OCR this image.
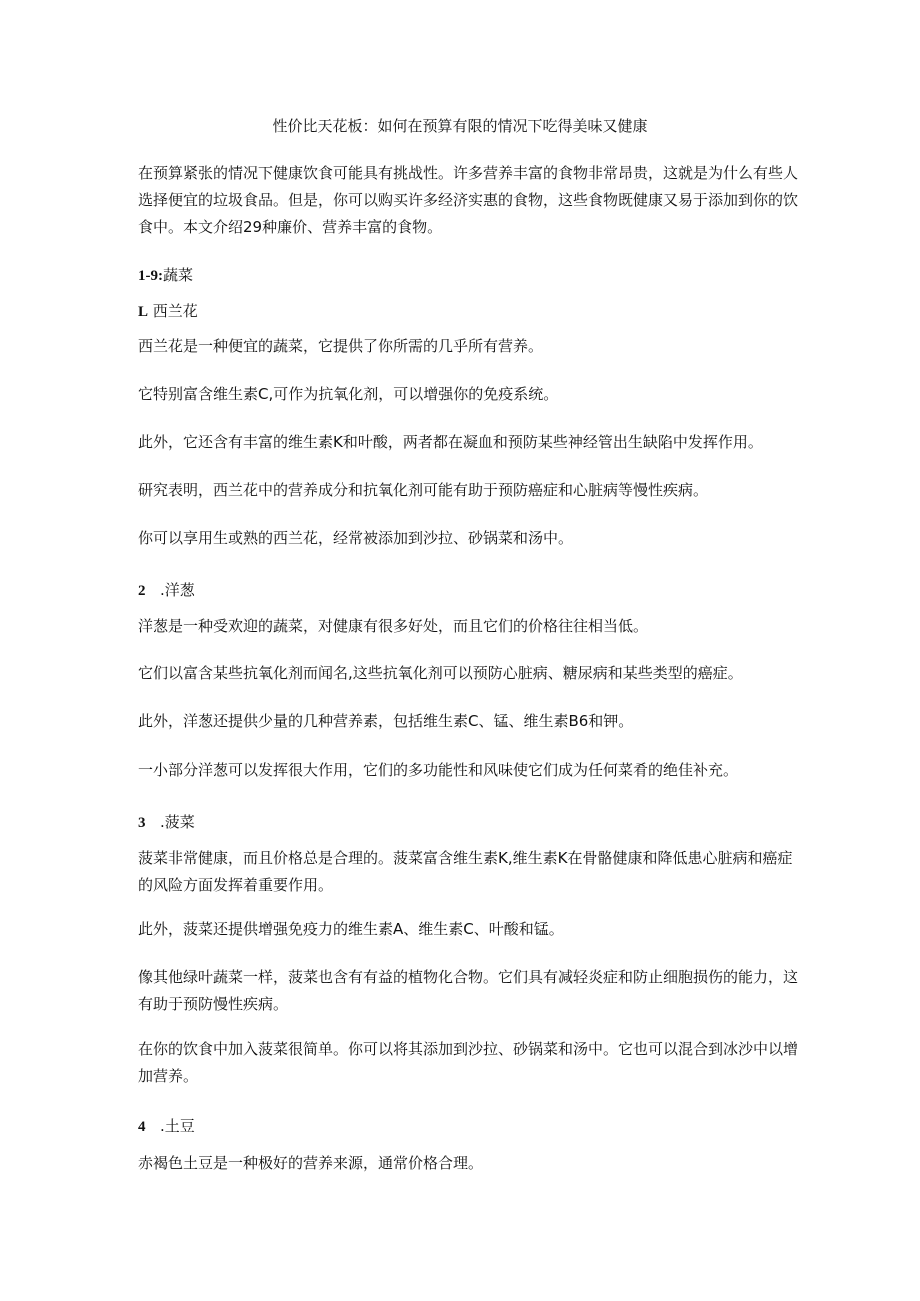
性价比天花板：如何在预算有限的情况下吃得美味又健康
在预算紧张的情况下健康饮食可能具有挑战性。许多营养丰富的食物非常昂贵，这就是为什么有些人选择便宜的垃圾食品。但是，你可以购买许多经济实惠的食物，这些食物既健康又易于添加到你的饮食中。本文介绍29种廉价、营养丰富的食物。
1-9:蔬菜
L 西兰花
西兰花是一种便宜的蔬菜，它提供了你所需的几乎所有营养。
它特别富含维生素C,可作为抗氧化剂，可以增强你的免疫系统。
此外，它还含有丰富的维生素K和叶酸，两者都在凝血和预防某些神经管出生缺陷中发挥作用。
研究表明，西兰花中的营养成分和抗氧化剂可能有助于预防癌症和心脏病等慢性疾病。
你可以享用生或熟的西兰花，经常被添加到沙拉、砂锅菜和汤中。
2 .洋葱
洋葱是一种受欢迎的蔬菜，对健康有很多好处，而且它们的价格往往相当低。
它们以富含某些抗氧化剂而闻名,这些抗氧化剂可以预防心脏病、糖尿病和某些类型的癌症。
此外，洋葱还提供少量的几种营养素，包括维生素C、锰、维生素B6和钾。
一小部分洋葱可以发挥很大作用，它们的多功能性和风味使它们成为任何菜肴的绝佳补充。
3 .菠菜
菠菜非常健康，而且价格总是合理的。菠菜富含维生素K,维生素K在骨骼健康和降低患心脏病和癌症的风险方面发挥着重要作用。
此外，菠菜还提供增强免疫力的维生素A、维生素C、叶酸和锰。
像其他绿叶蔬菜一样，菠菜也含有有益的植物化合物。它们具有减轻炎症和防止细胞损伤的能力，这有助于预防慢性疾病。
在你的饮食中加入菠菜很简单。你可以将其添加到沙拉、砂锅菜和汤中。它也可以混合到冰沙中以增加营养。
4 .土豆
赤褐色土豆是一种极好的营养来源，通常价格合理。
